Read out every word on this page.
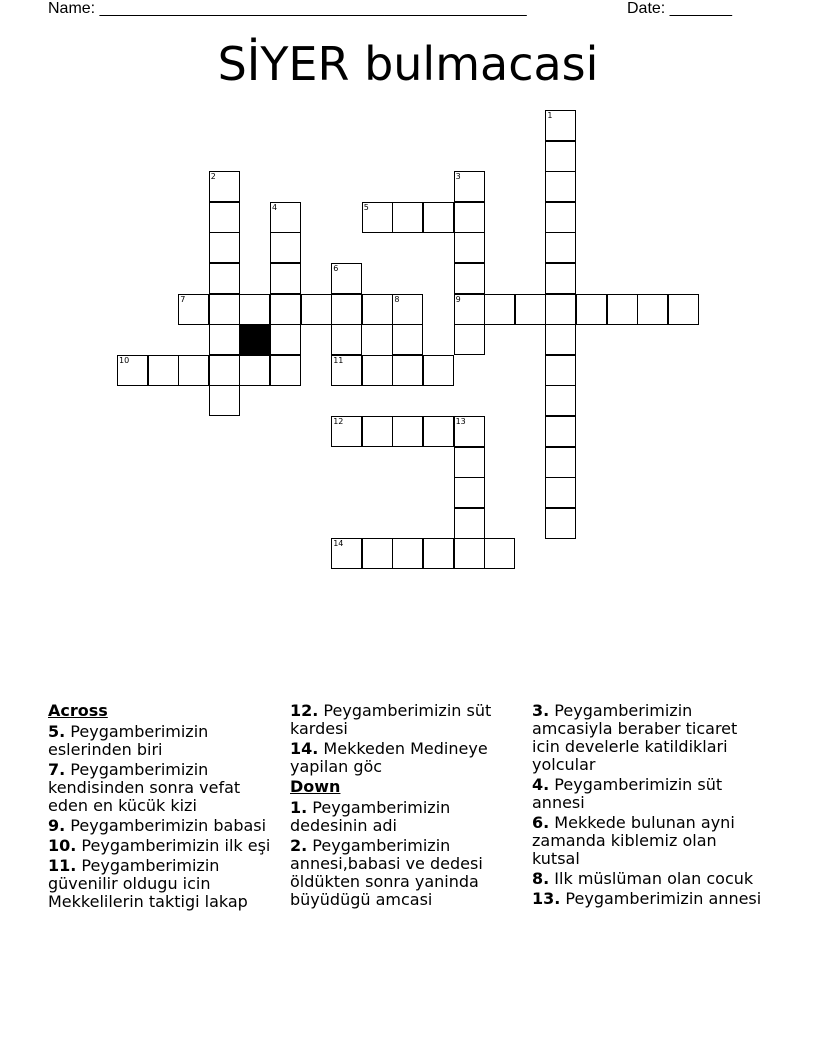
Name: ________________________________________________	Date: _______
SİYER bulmacasi
5
7	9
10	11
12	13
14
1
2	3
4
6
8
Across
5. Peygamberimizin eslerinden biri
7. Peygamberimizin kendisinden sonra vefat eden en kücük kizi
9. Peygamberimizin babasi
10. Peygamberimizin ilk eşi
11. Peygamberimizin güvenilir oldugu icin Mekkelilerin taktigi lakap
12. Peygamberimizin süt kardesi
14. Mekkeden Medineye yapilan göc
Down
1. Peygamberimizin dedesinin adi
2. Peygamberimizin annesi,babasi ve dedesi öldükten sonra yaninda büyüdügü amcasi
3. Peygamberimizin amcasiyla beraber ticaret icin develerle katildiklari yolcular
4. Peygamberimizin süt annesi
6. Mekkede bulunan ayni zamanda kiblemiz olan kutsal
8. Ilk müslüman olan cocuk
13. Peygamberimizin annesi
